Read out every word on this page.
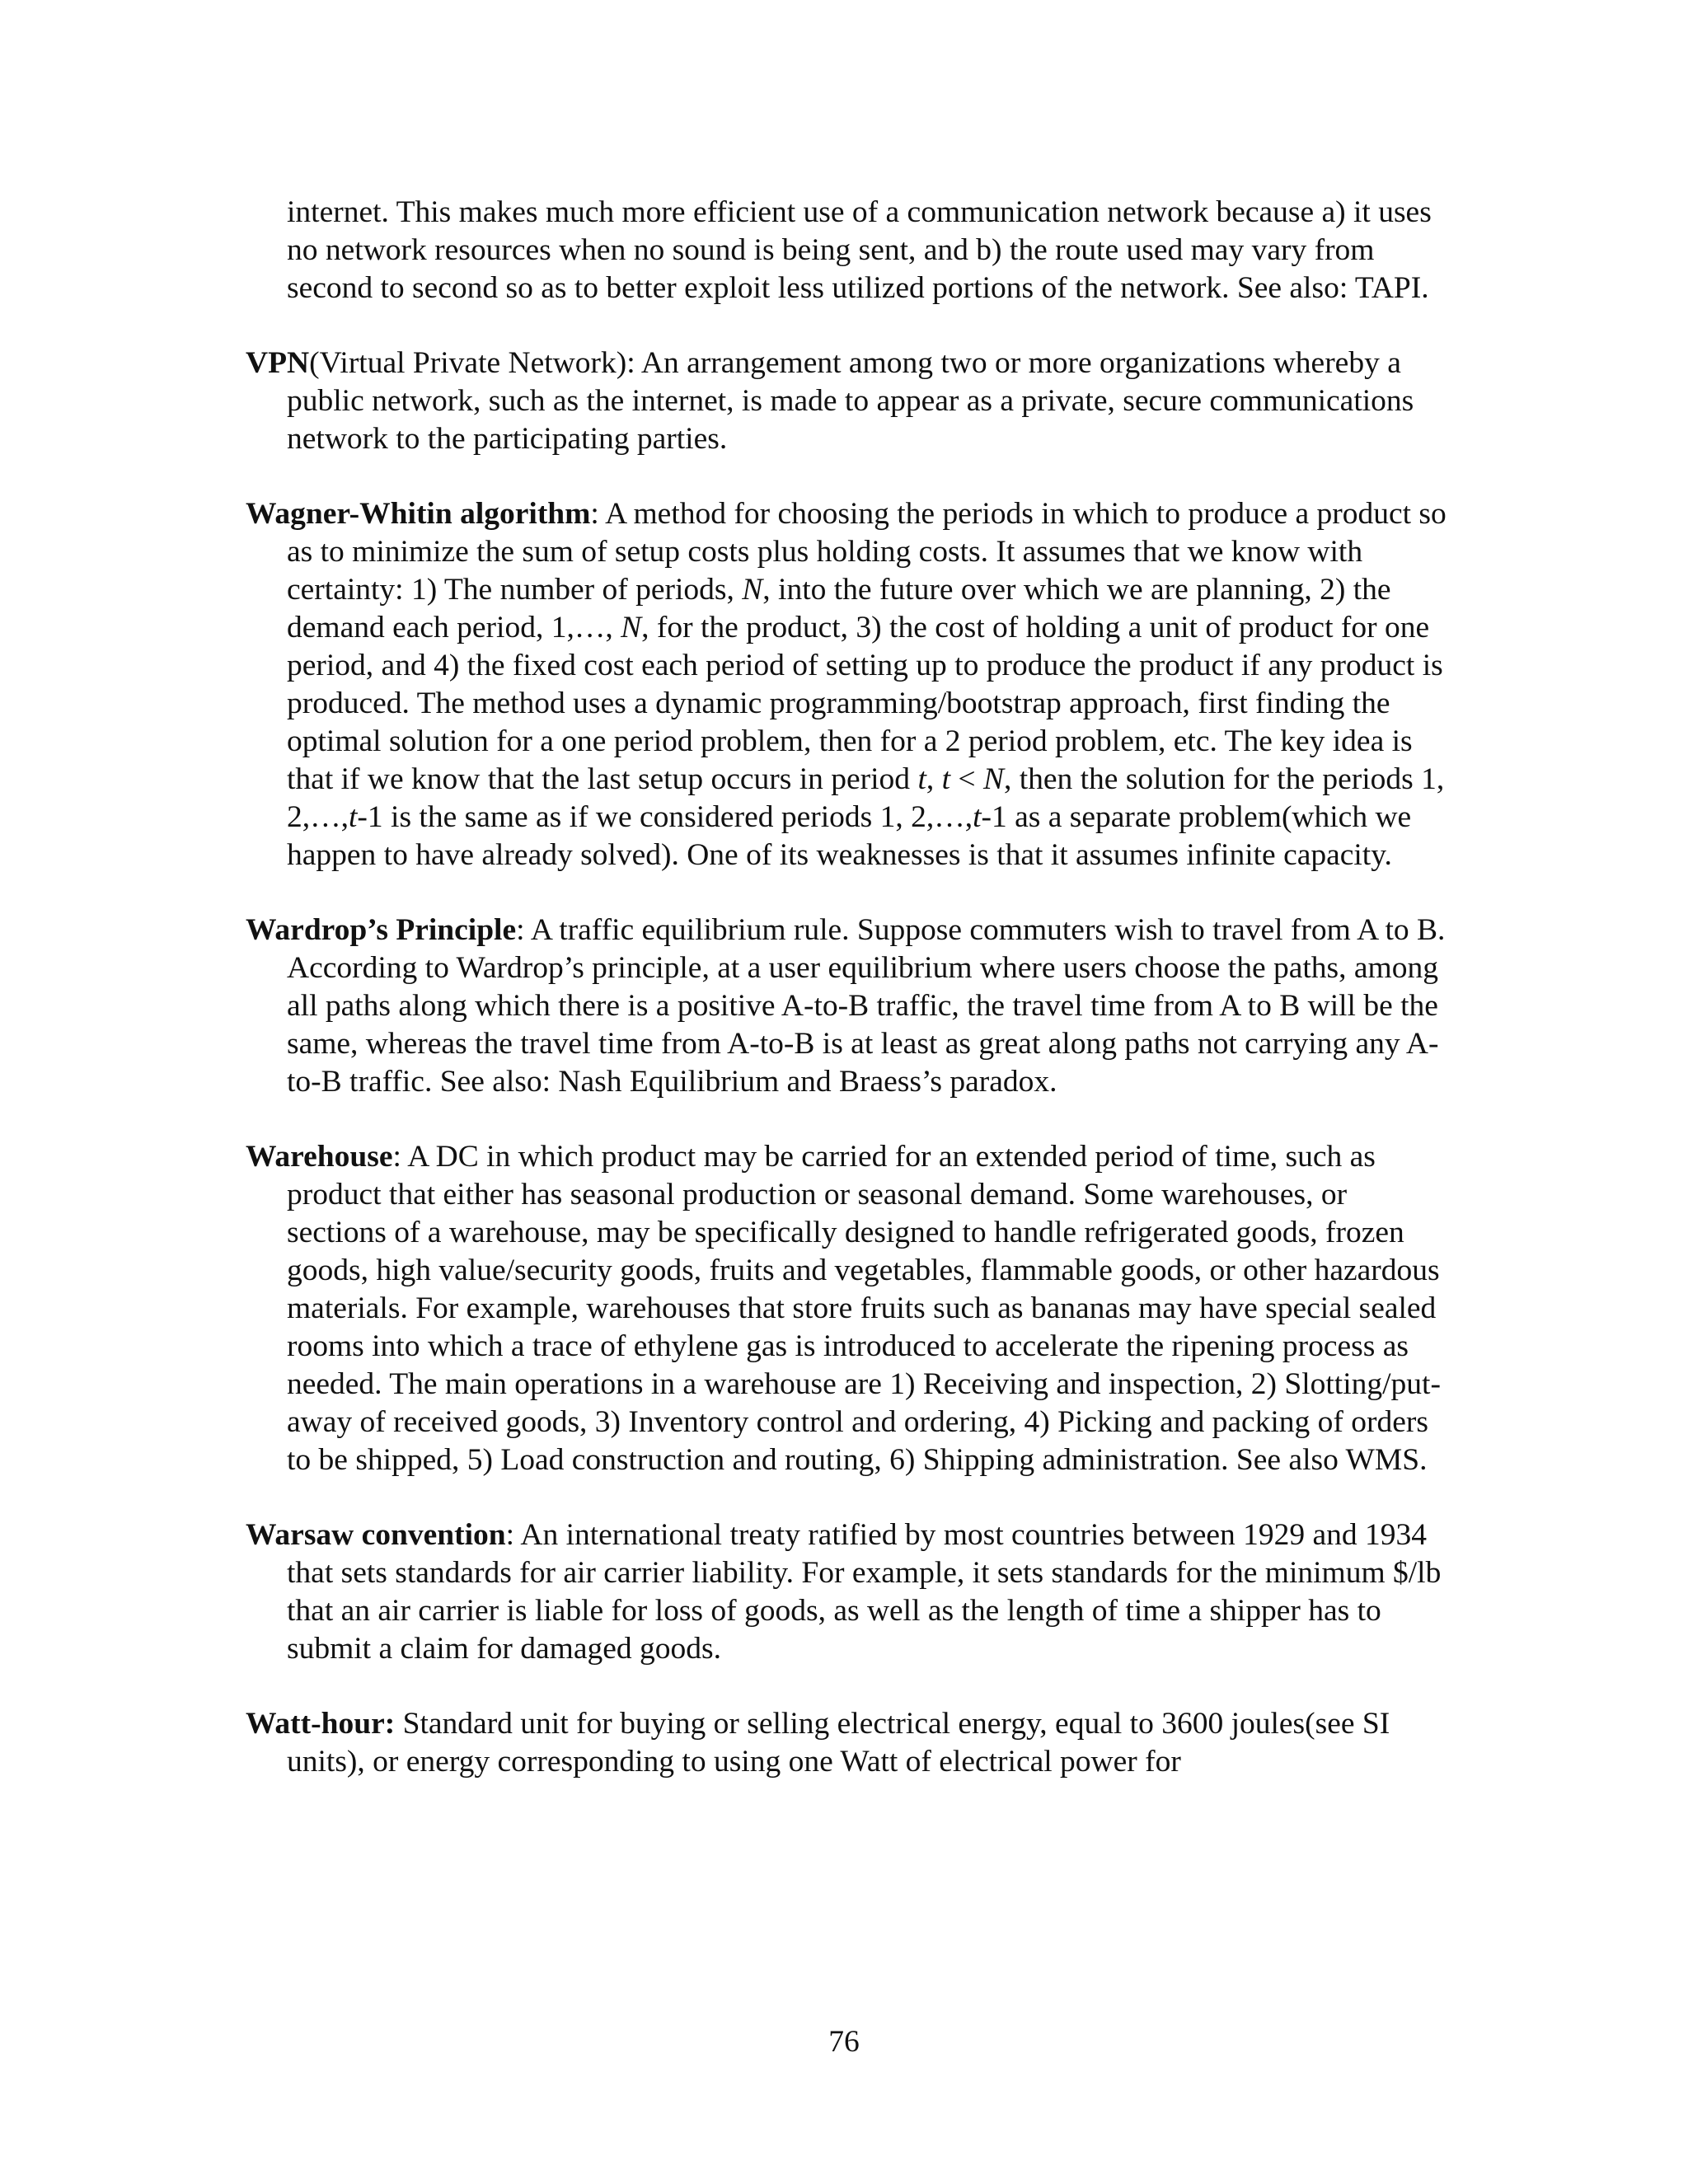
internet. This makes much more efficient use of a communication network because a) it uses no network resources when no sound is being sent, and b) the route used may vary from second to second so as to better exploit less utilized portions of the network. See also: TAPI.

VPN(Virtual Private Network): An arrangement among two or more organizations whereby a public network, such as the internet, is made to appear as a private, secure communications network to the participating parties.

Wagner-Whitin algorithm: A method for choosing the periods in which to produce a product so as to minimize the sum of setup costs plus holding costs. It assumes that we know with certainty: 1) The number of periods, N, into the future over which we are planning, 2) the demand each period, 1,…, N, for the product, 3) the cost of holding a unit of product for one period, and 4) the fixed cost each period of setting up to produce the product if any product is produced. The method uses a dynamic programming/bootstrap approach, first finding the optimal solution for a one period problem, then for a 2 period problem, etc. The key idea is that if we know that the last setup occurs in period t, t < N, then the solution for the periods 1, 2,…,t-1 is the same as if we considered periods 1, 2,…,t-1 as a separate problem(which we happen to have already solved). One of its weaknesses is that it assumes infinite capacity.

Wardrop’s Principle: A traffic equilibrium rule. Suppose commuters wish to travel from A to B. According to Wardrop’s principle, at a user equilibrium where users choose the paths, among all paths along which there is a positive A-to-B traffic, the travel time from A to B will be the same, whereas the travel time from A-to-B is at least as great along paths not carrying any A-to-B traffic. See also: Nash Equilibrium and Braess’s paradox.

Warehouse: A DC in which product may be carried for an extended period of time, such as product that either has seasonal production or seasonal demand. Some warehouses, or sections of a warehouse, may be specifically designed to handle refrigerated goods, frozen goods, high value/security goods, fruits and vegetables, flammable goods, or other hazardous materials. For example, warehouses that store fruits such as bananas may have special sealed rooms into which a trace of ethylene gas is introduced to accelerate the ripening process as needed. The main operations in a warehouse are 1) Receiving and inspection, 2) Slotting/put-away of received goods, 3) Inventory control and ordering, 4) Picking and packing of orders to be shipped, 5) Load construction and routing, 6) Shipping administration. See also WMS.

Warsaw convention: An international treaty ratified by most countries between 1929 and 1934 that sets standards for air carrier liability. For example, it sets standards for the minimum $/lb that an air carrier is liable for loss of goods, as well as the length of time a shipper has to submit a claim for damaged goods.

Watt-hour: Standard unit for buying or selling electrical energy, equal to 3600 joules(see SI units), or energy corresponding to using one Watt of electrical power for

76
